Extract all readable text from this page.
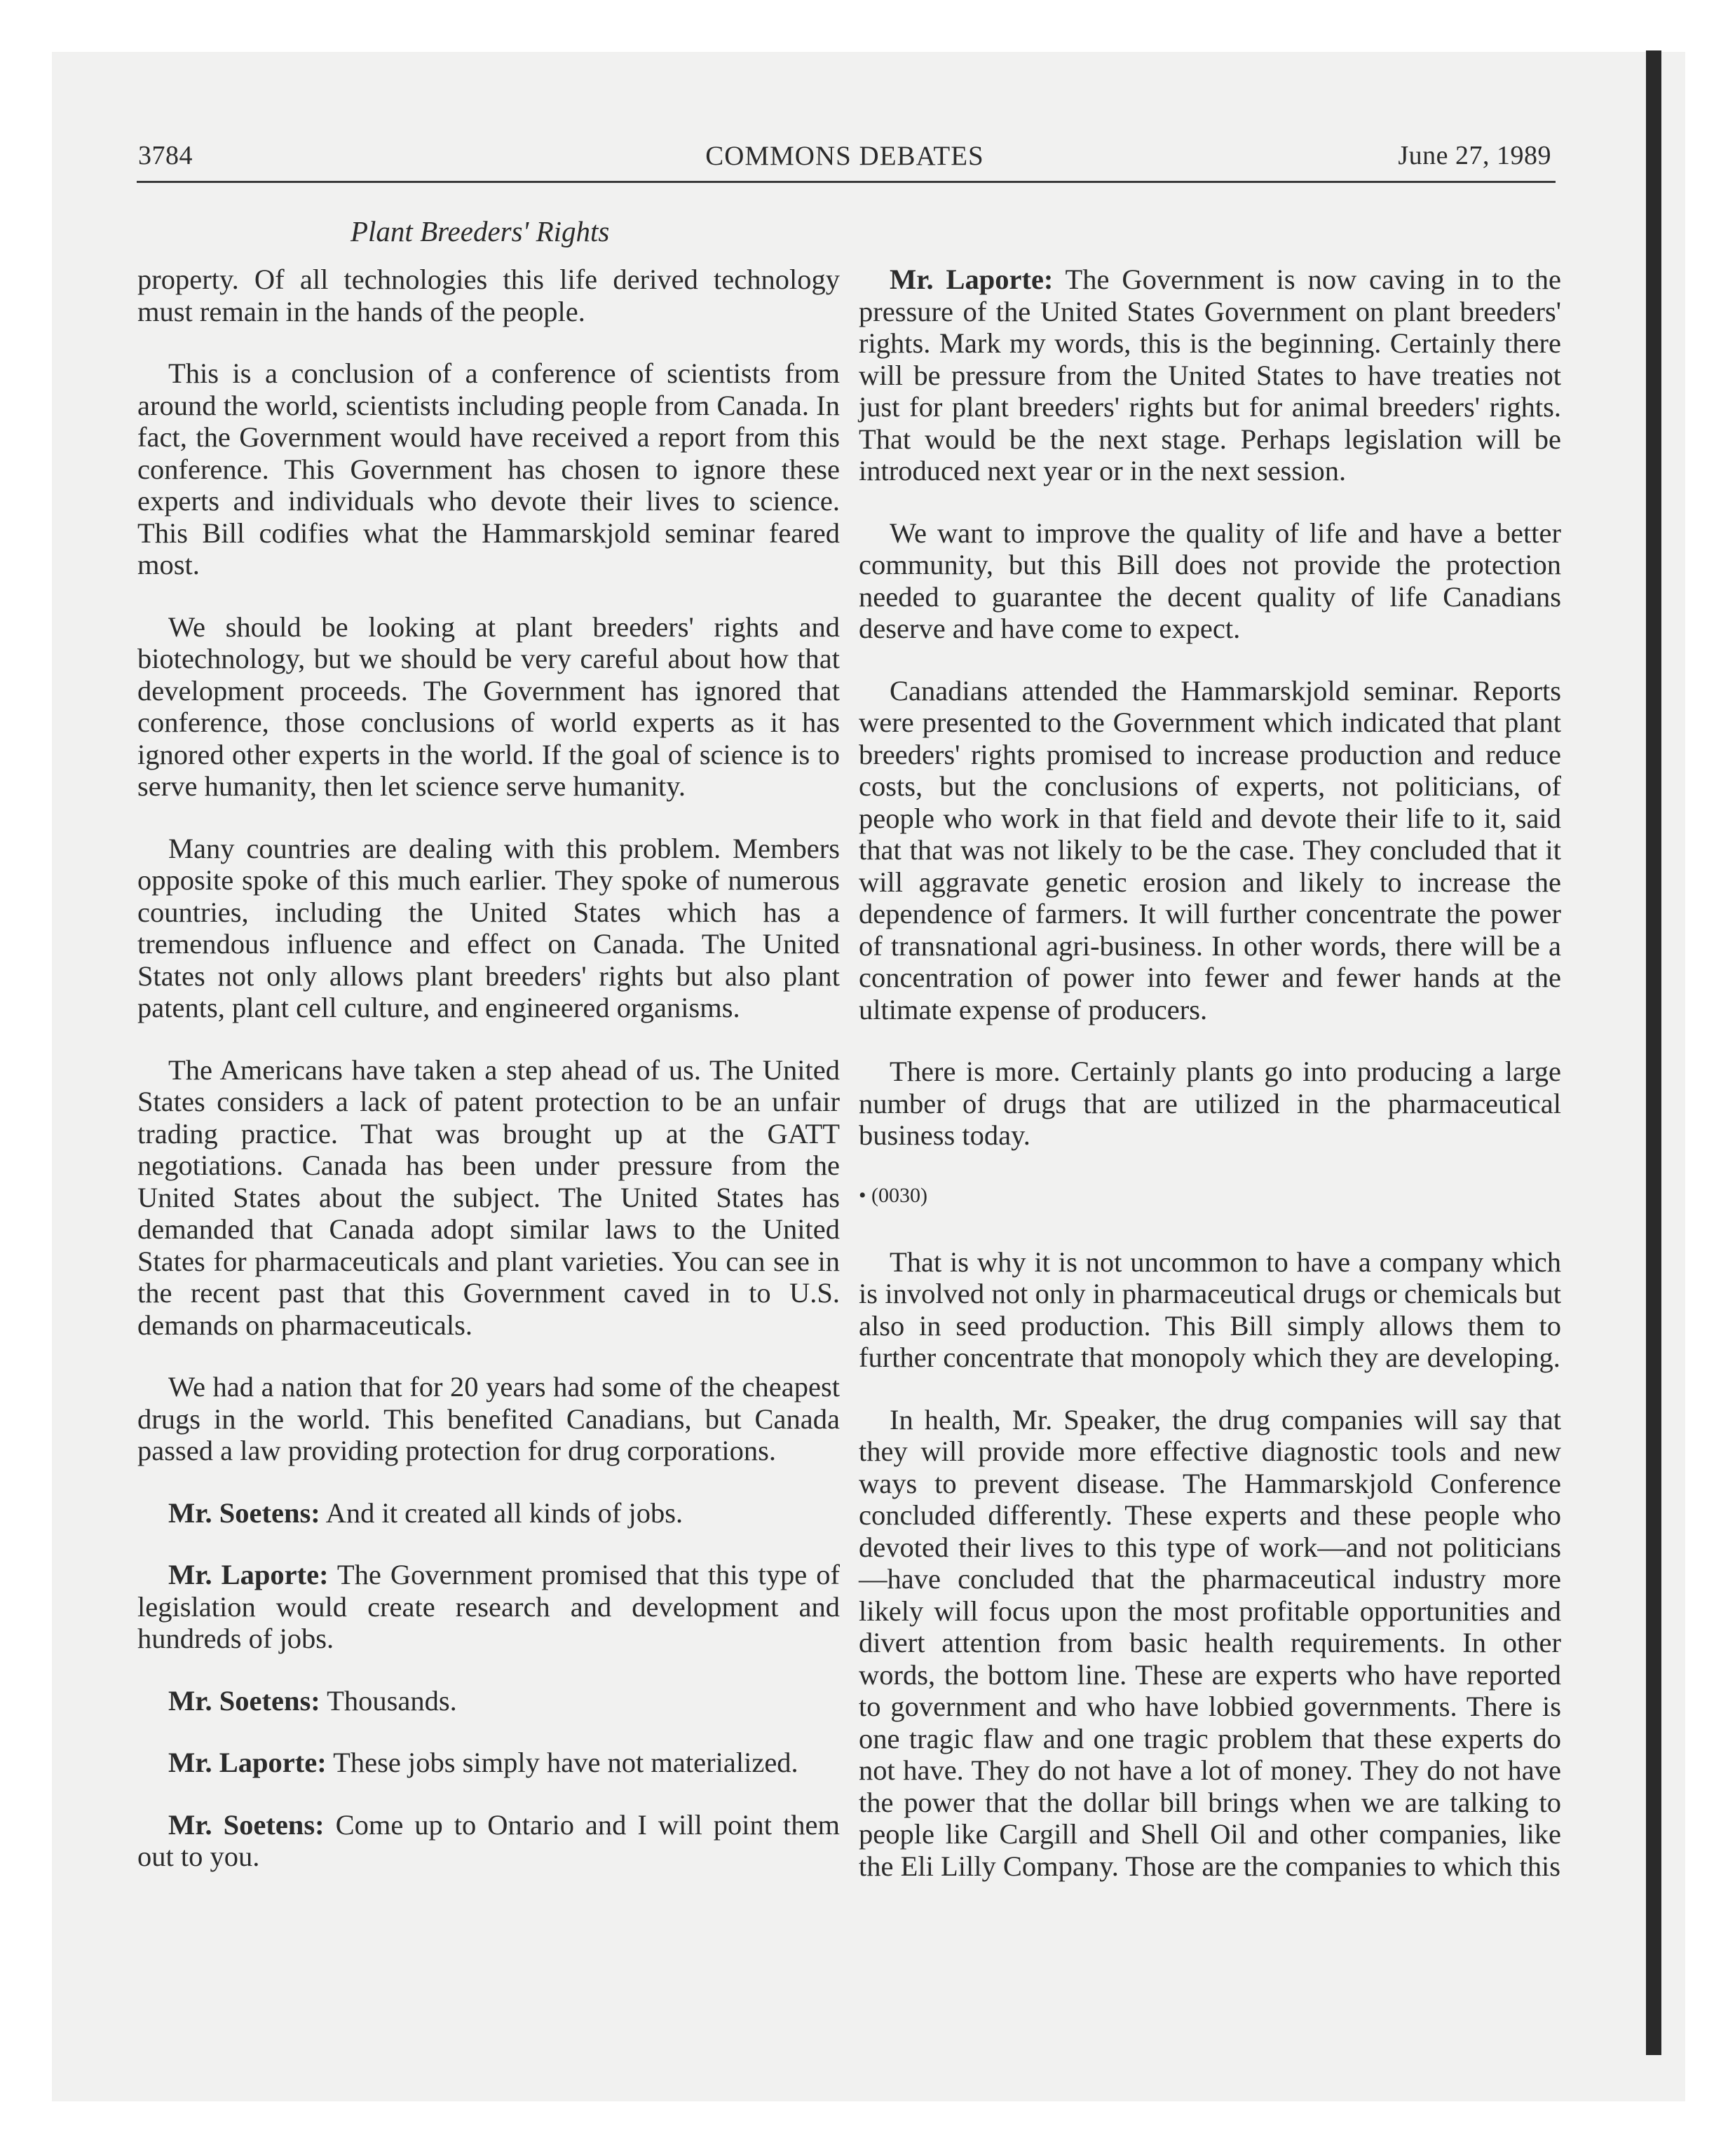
3784	COMMONS DEBATES	June 27, 1989
Plant Breeders' Rights

property. Of all technologies this life derived technology must remain in the hands of the people.

This is a conclusion of a conference of scientists from around the world, scientists including people from Canada. In fact, the Government would have received a report from this conference. This Government has chosen to ignore these experts and individuals who devote their lives to science. This Bill codifies what the Hammarskjold seminar feared most.

We should be looking at plant breeders' rights and biotechnology, but we should be very careful about how that development proceeds. The Government has ignored that conference, those conclusions of world experts as it has ignored other experts in the world. If the goal of science is to serve humanity, then let science serve humanity.

Many countries are dealing with this problem. Members opposite spoke of this much earlier. They spoke of numerous countries, including the United States which has a tremendous influence and effect on Canada. The United States not only allows plant breeders' rights but also plant patents, plant cell culture, and engineered organisms.

The Americans have taken a step ahead of us. The United States considers a lack of patent protection to be an unfair trading practice. That was brought up at the GATT negotiations. Canada has been under pressure from the United States about the subject. The United States has demanded that Canada adopt similar laws to the United States for pharmaceuticals and plant varieties. You can see in the recent past that this Government caved in to U.S. demands on pharmaceuticals.

We had a nation that for 20 years had some of the cheapest drugs in the world. This benefited Canadians, but Canada passed a law providing protection for drug corporations.

Mr. Soetens: And it created all kinds of jobs.

Mr. Laporte: The Government promised that this type of legislation would create research and development and hundreds of jobs.

Mr. Soetens: Thousands.

Mr. Laporte: These jobs simply have not materialized.

Mr. Soetens: Come up to Ontario and I will point them out to you.

Mr. Laporte: The Government is now caving in to the pressure of the United States Government on plant breeders' rights. Mark my words, this is the beginning. Certainly there will be pressure from the United States to have treaties not just for plant breeders' rights but for animal breeders' rights. That would be the next stage. Perhaps legislation will be introduced next year or in the next session.

We want to improve the quality of life and have a better community, but this Bill does not provide the protection needed to guarantee the decent quality of life Canadians deserve and have come to expect.

Canadians attended the Hammarskjold seminar. Reports were presented to the Government which indicated that plant breeders' rights promised to increase production and reduce costs, but the conclusions of experts, not politicians, of people who work in that field and devote their life to it, said that that was not likely to be the case. They concluded that it will aggravate genetic erosion and likely to increase the dependence of farmers. It will further concentrate the power of transnational agri-business. In other words, there will be a concentration of power into fewer and fewer hands at the ultimate expense of producers.

There is more. Certainly plants go into producing a large number of drugs that are utilized in the pharmaceutical business today.

• (0030)

That is why it is not uncommon to have a company which is involved not only in pharmaceutical drugs or chemicals but also in seed production. This Bill simply allows them to further concentrate that monopoly which they are developing.

In health, Mr. Speaker, the drug companies will say that they will provide more effective diagnostic tools and new ways to prevent disease. The Hammarskjold Conference concluded differently. These experts and these people who devoted their lives to this type of work—and not politicians—have concluded that the pharmaceutical industry more likely will focus upon the most profitable opportunities and divert attention from basic health requirements. In other words, the bottom line. These are experts who have reported to government and who have lobbied governments. There is one tragic flaw and one tragic problem that these experts do not have. They do not have a lot of money. They do not have the power that the dollar bill brings when we are talking to people like Cargill and Shell Oil and other companies, like the Eli Lilly Company. Those are the companies to which this
